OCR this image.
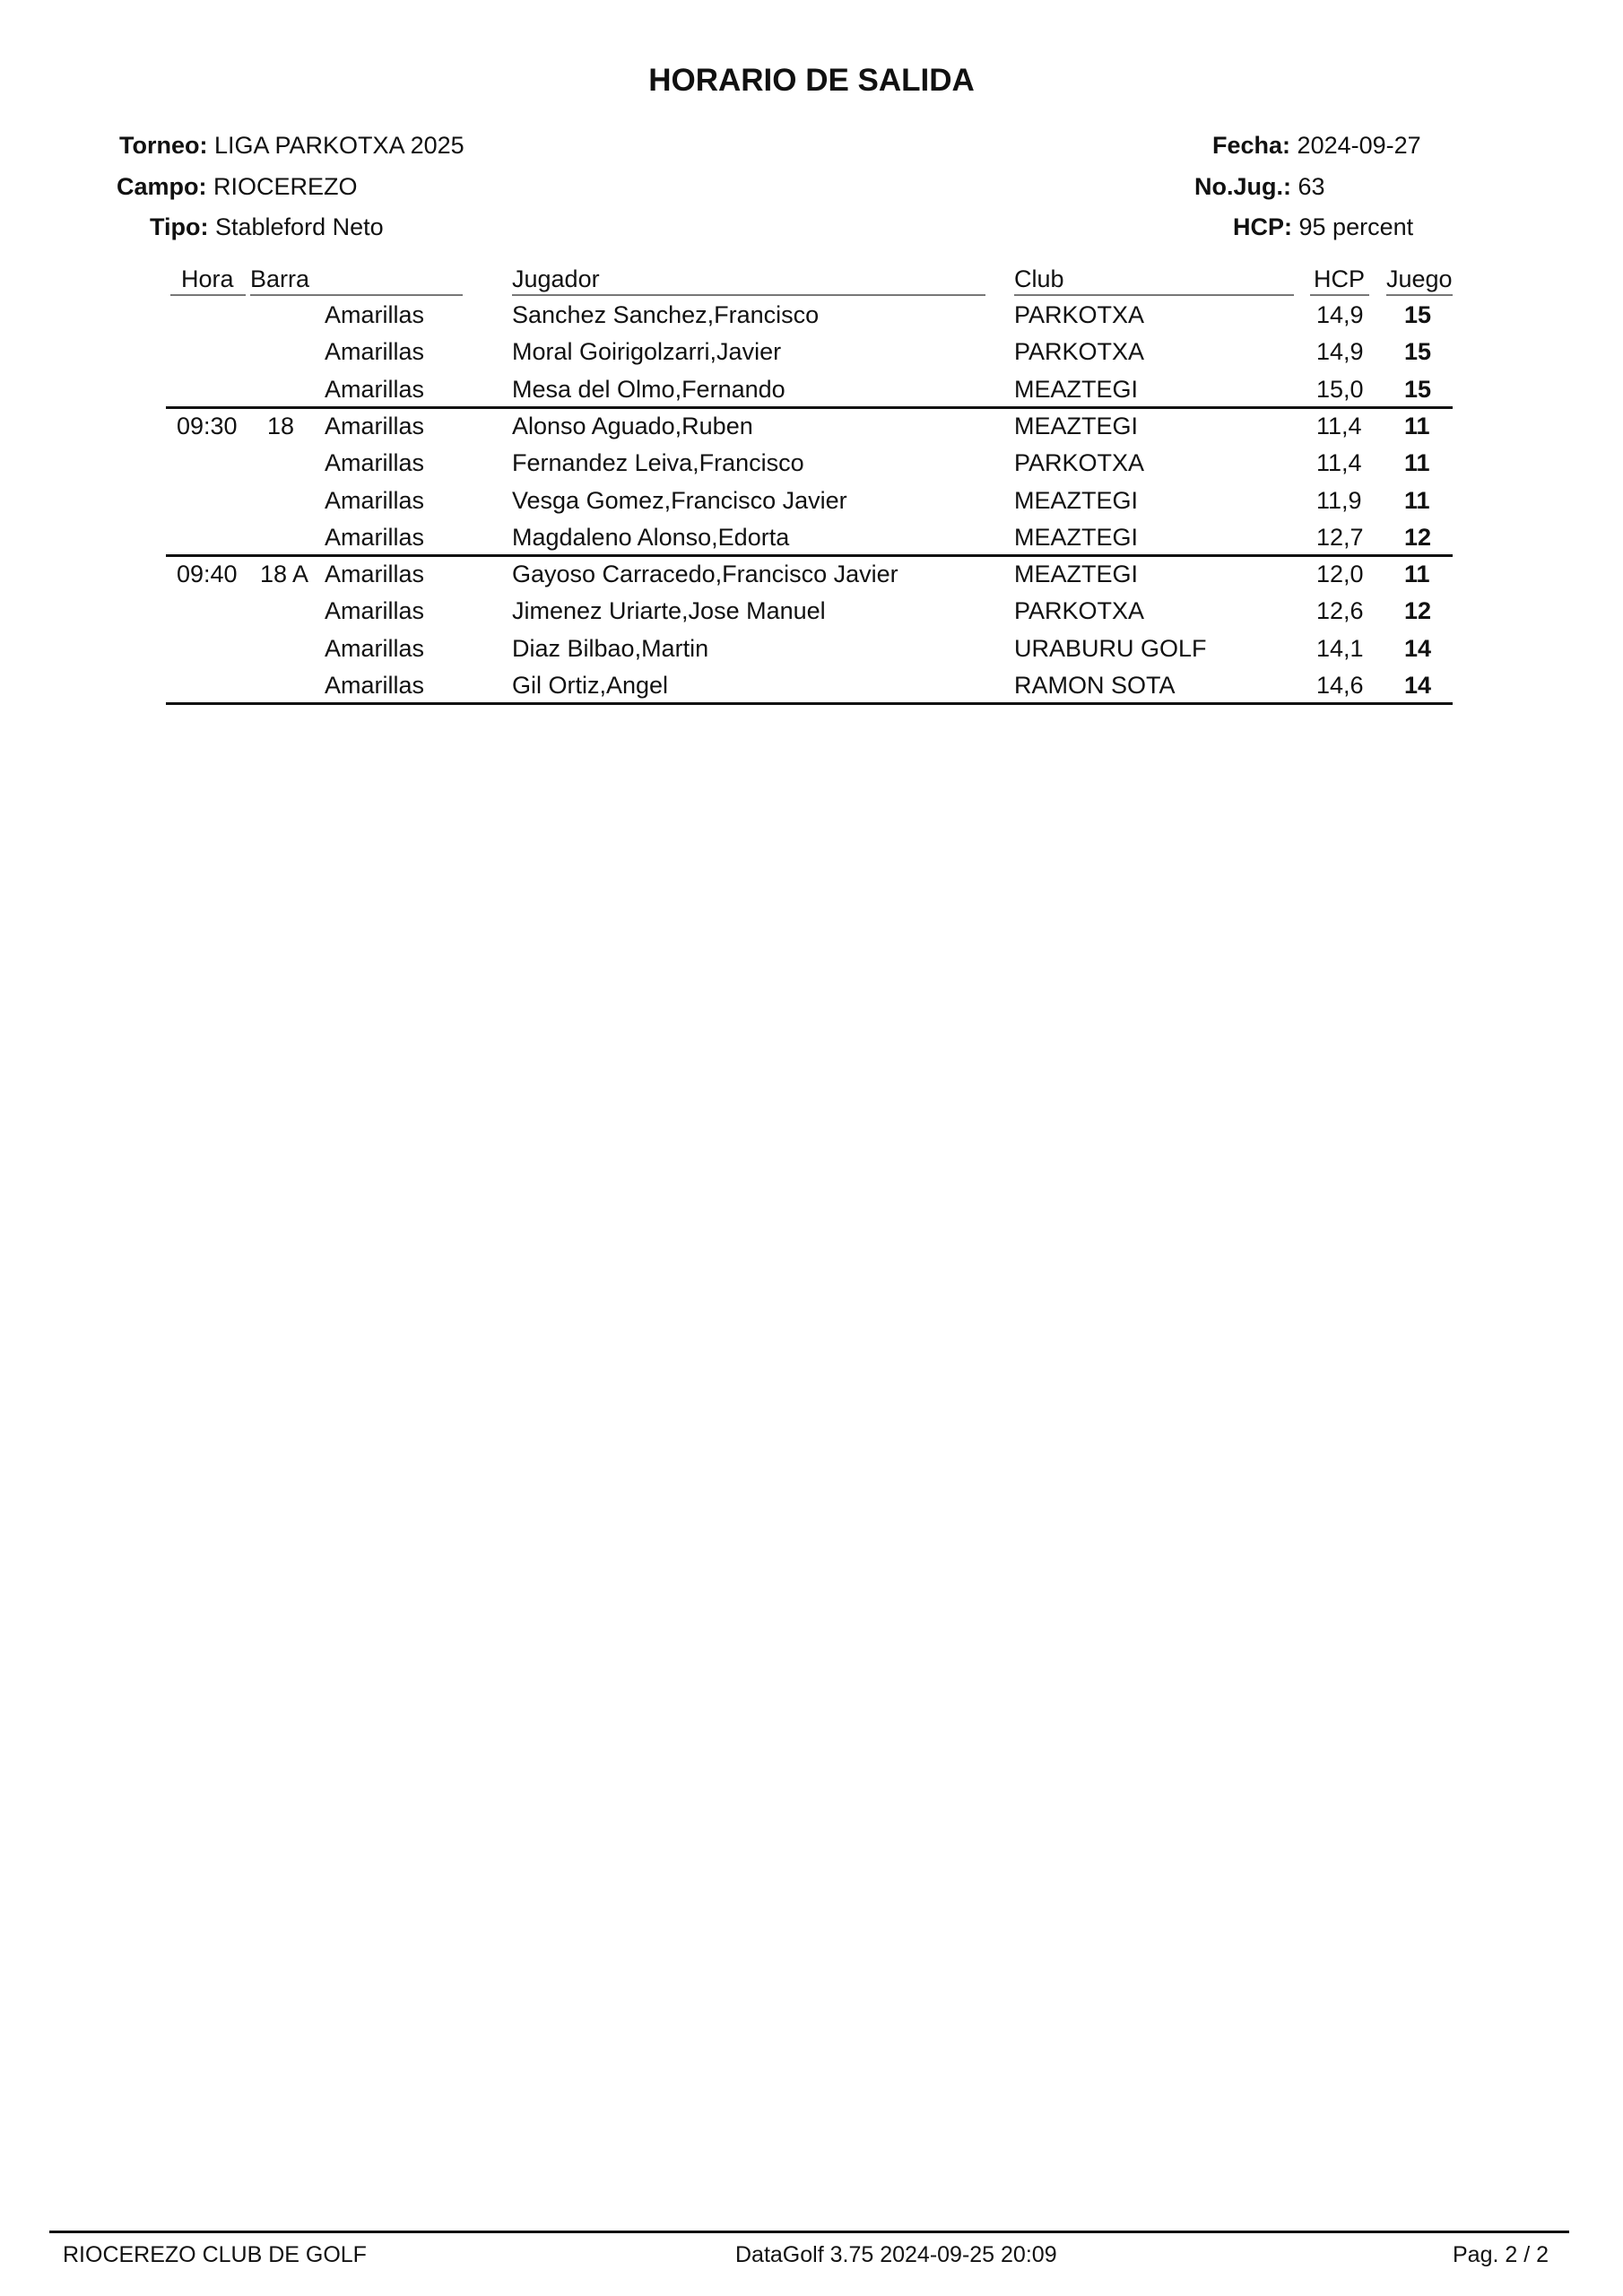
HORARIO DE SALIDA
Torneo: LIGA PARKOTXA 2025
Campo: RIOCEREZO
Tipo: Stableford Neto
Fecha: 2024-09-27
No.Jug.: 63
HCP: 95 percent
Hora Barra	Jugador	Club	HCP Juego
Amarillas	Sanchez Sanchez,Francisco	PARKOTXA	14,9 15
Amarillas	Moral Goirigolzarri,Javier	PARKOTXA	14,9 15
Amarillas	Mesa del Olmo,Fernando	MEAZTEGI	15,0 15
09:30 18 Amarillas	Alonso Aguado,Ruben	MEAZTEGI	11,4 11
Amarillas	Fernandez Leiva,Francisco	PARKOTXA	11,4 11
Amarillas	Vesga Gomez,Francisco Javier	MEAZTEGI	11,9 11
Amarillas	Magdaleno Alonso,Edorta	MEAZTEGI	12,7 12
09:40 18 A Amarillas	Gayoso Carracedo,Francisco Javier	MEAZTEGI	12,0 11
Amarillas	Jimenez Uriarte,Jose Manuel	PARKOTXA	12,6 12
Amarillas	Diaz Bilbao,Martin	URABURU GOLF	14,1 14
Amarillas	Gil Ortiz,Angel	RAMON SOTA	14,6 14
RIOCEREZO CLUB DE GOLF	DataGolf 3.75 2024-09-25 20:09	Pag. 2 / 2
